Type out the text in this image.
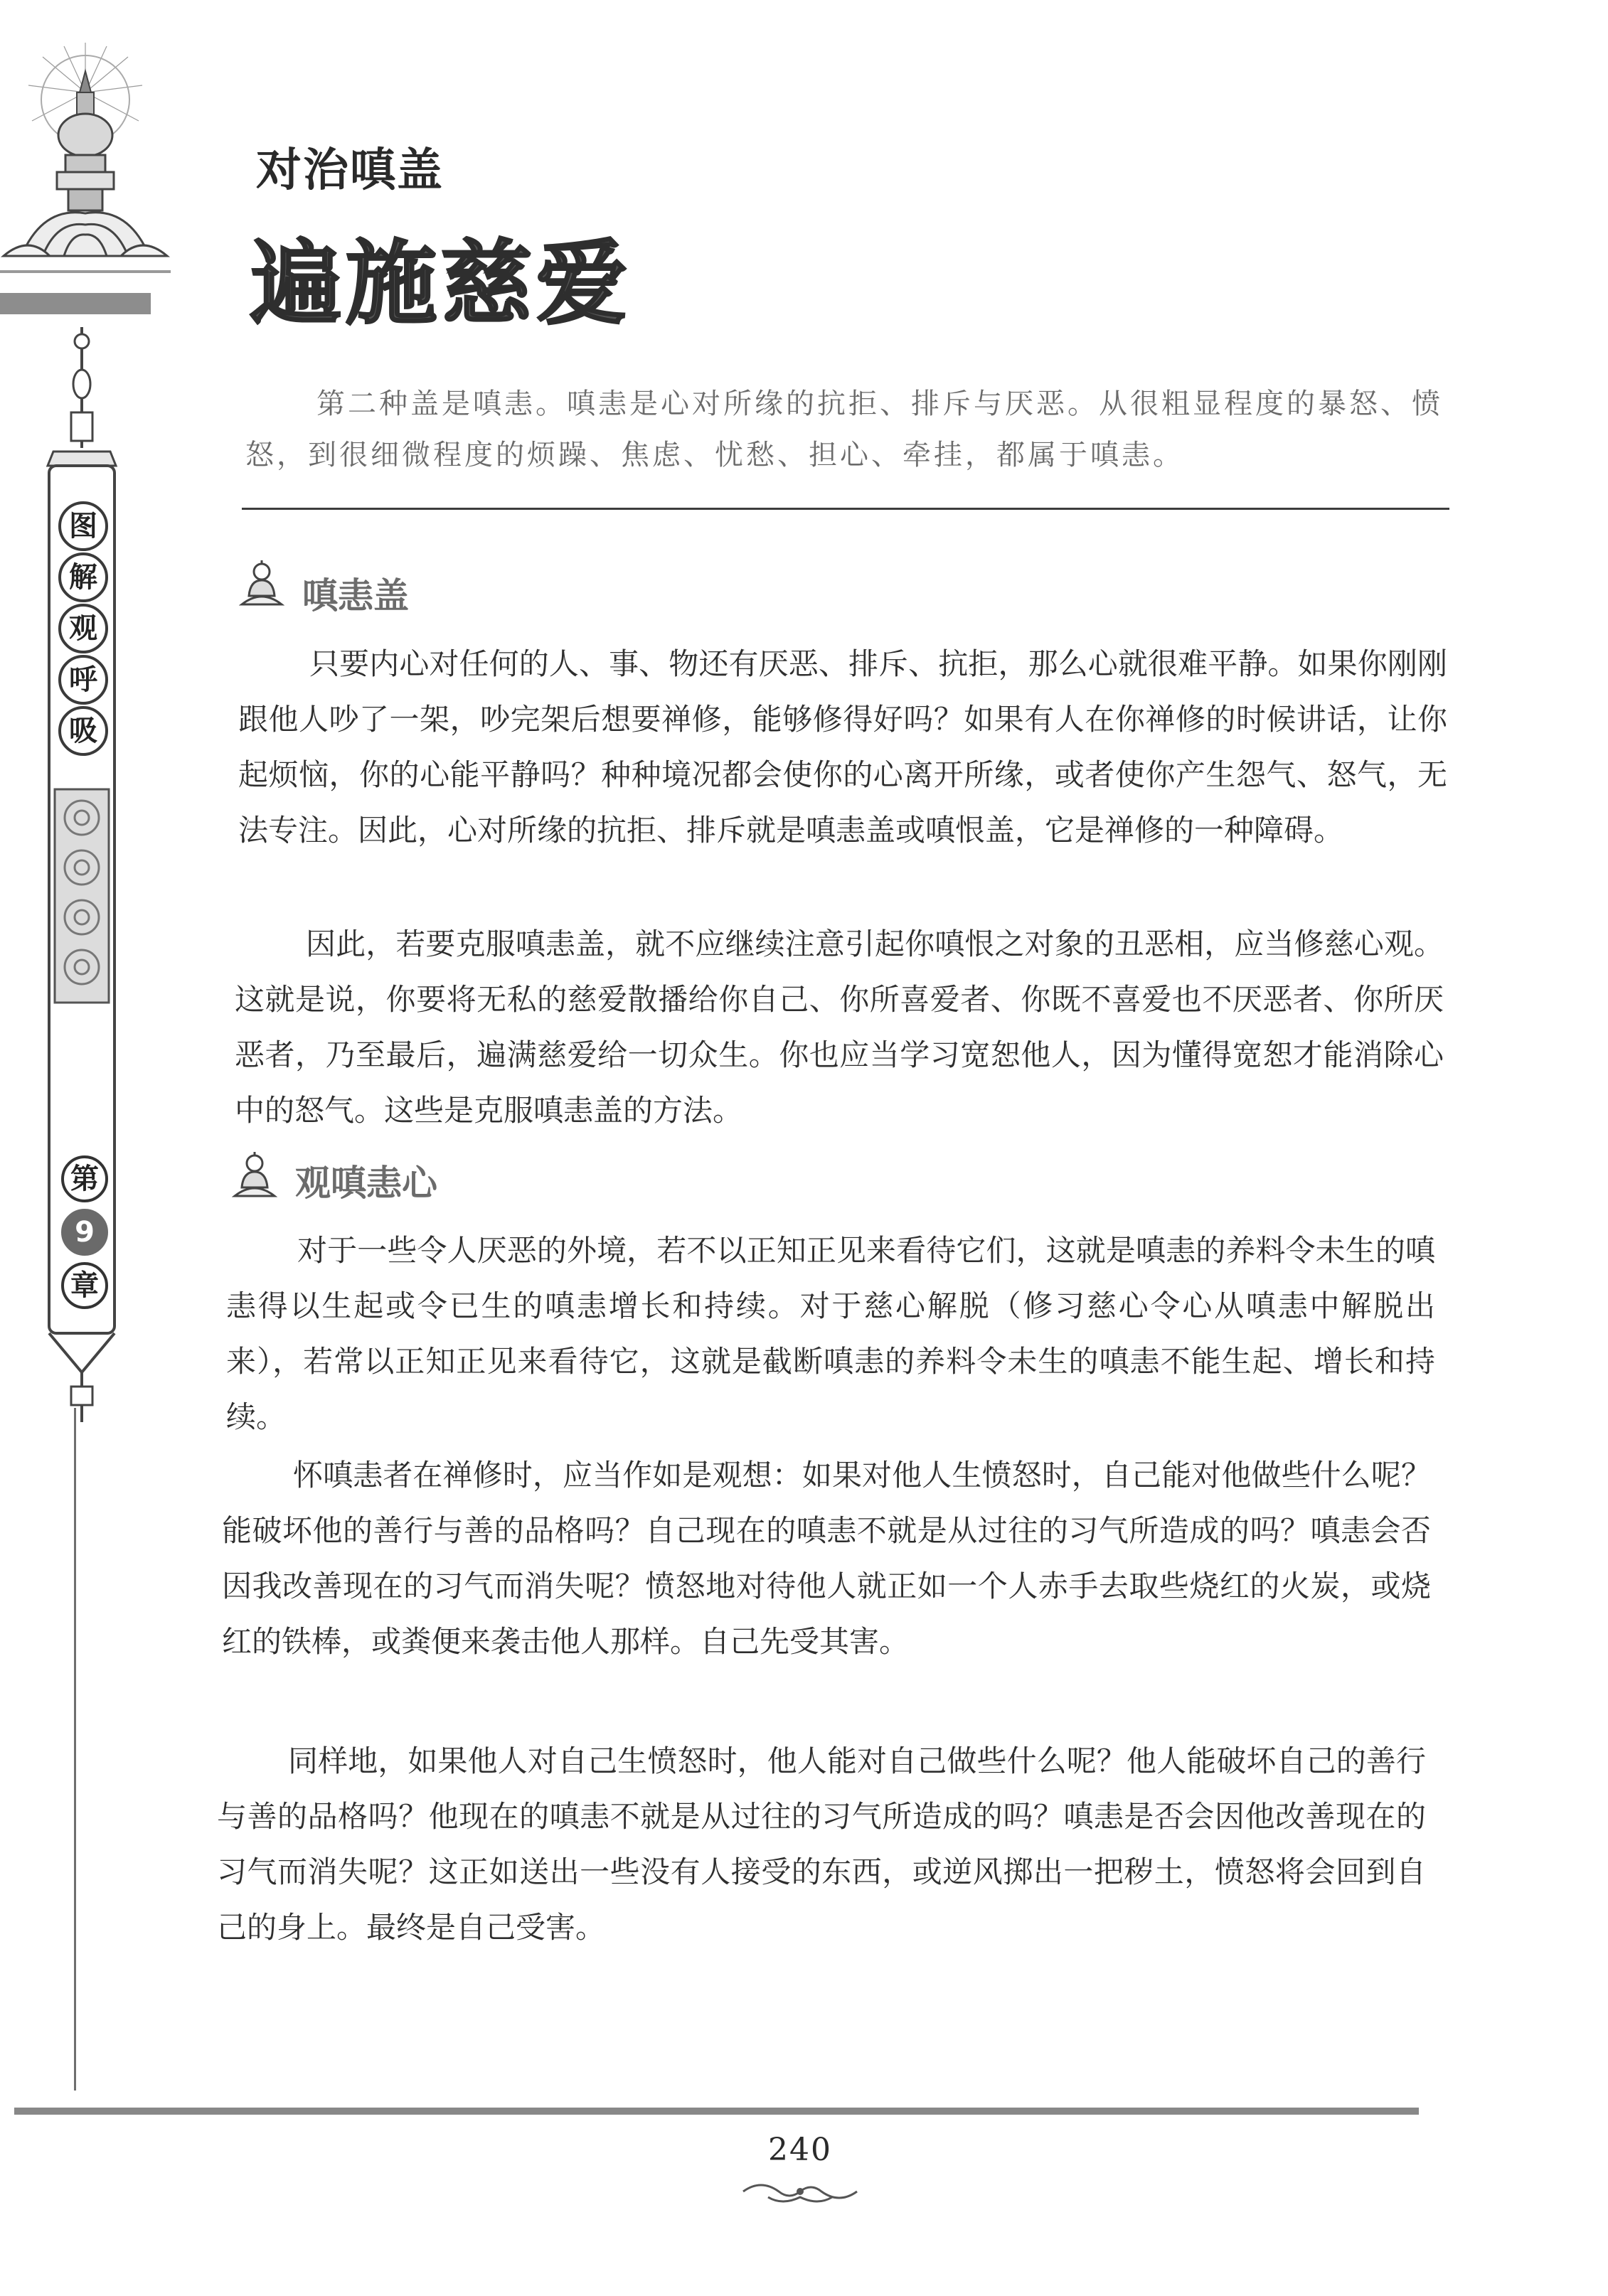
图
解
观
呼
吸
第
9
章
对治嗔盖
遍施慈爱

第二种盖是嗔恚。嗔恚是心对所缘的抗拒、排斥与厌恶。从很粗显程度的暴怒、愤怒，到很细微程度的烦躁、焦虑、忧愁、担心、牵挂，都属于嗔恚。

嗔恚盖

只要内心对任何的人、事、物还有厌恶、排斥、抗拒，那么心就很难平静。如果你刚刚跟他人吵了一架，吵完架后想要禅修，能够修得好吗？如果有人在你禅修的时候讲话，让你起烦恼，你的心能平静吗？种种境况都会使你的心离开所缘，或者使你产生怨气、怒气，无法专注。因此，心对所缘的抗拒、排斥就是嗔恚盖或嗔恨盖，它是禅修的一种障碍。

因此，若要克服嗔恚盖，就不应继续注意引起你嗔恨之对象的丑恶相，应当修慈心观。这就是说，你要将无私的慈爱散播给你自己、你所喜爱者、你既不喜爱也不厌恶者、你所厌恶者，乃至最后，遍满慈爱给一切众生。你也应当学习宽恕他人，因为懂得宽恕才能消除心中的怒气。这些是克服嗔恚盖的方法。

观嗔恚心

对于一些令人厌恶的外境，若不以正知正见来看待它们，这就是嗔恚的养料令未生的嗔恚得以生起或令已生的嗔恚增长和持续。对于慈心解脱（修习慈心令心从嗔恚中解脱出来），若常以正知正见来看待它，这就是截断嗔恚的养料令未生的嗔恚不能生起、增长和持续。

怀嗔恚者在禅修时，应当作如是观想：如果对他人生愤怒时，自己能对他做些什么呢？能破坏他的善行与善的品格吗？自己现在的嗔恚不就是从过往的习气所造成的吗？嗔恚会否因我改善现在的习气而消失呢？愤怒地对待他人就正如一个人赤手去取些烧红的火炭，或烧红的铁棒，或粪便来袭击他人那样。自己先受其害。

同样地，如果他人对自己生愤怒时，他人能对自己做些什么呢？他人能破坏自己的善行与善的品格吗？他现在的嗔恚不就是从过往的习气所造成的吗？嗔恚是否会因他改善现在的习气而消失呢？这正如送出一些没有人接受的东西，或逆风掷出一把秽土，愤怒将会回到自己的身上。最终是自己受害。

240
